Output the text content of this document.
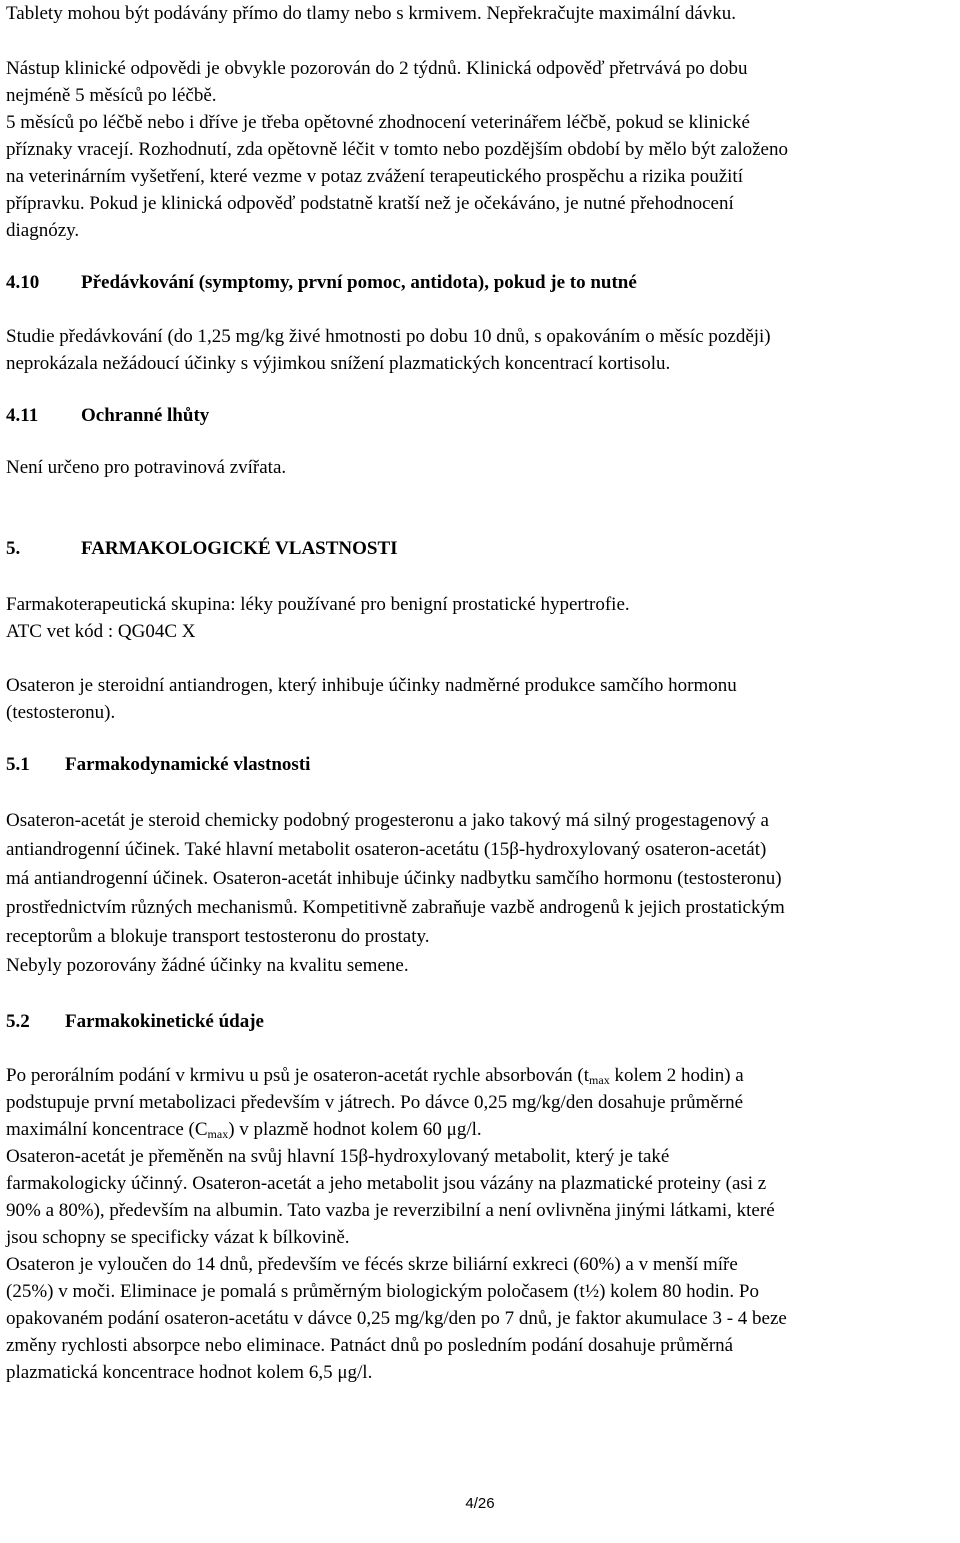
Tablety mohou být podávány přímo do tlamy nebo s krmivem. Nepřekračujte maximální dávku.

Nástup klinické odpovědi je obvykle pozorován do 2 týdnů. Klinická odpověď přetrvává po dobu

nejméně 5 měsíců po léčbě.

5 měsíců po léčbě nebo i dříve je třeba opětovné zhodnocení veterinářem léčbě, pokud se klinické

příznaky vracejí. Rozhodnutí, zda opětovně léčit v tomto nebo pozdějším období by mělo být založeno

na veterinárním vyšetření, které vezme v potaz zvážení terapeutického prospěchu a rizika použití

přípravku. Pokud je klinická odpověď podstatně kratší než je očekáváno, je nutné přehodnocení

diagnózy.

4.10 Předávkování (symptomy, první pomoc, antidota), pokud je to nutné

Studie předávkování (do 1,25 mg/kg živé hmotnosti po dobu 10 dnů, s opakováním o měsíc později)

neprokázala nežádoucí účinky s výjimkou snížení plazmatických koncentrací kortisolu.

4.11 Ochranné lhůty

Není určeno pro potravinová zvířata.

5.	FARMAKOLOGICKÉ VLASTNOSTI

Farmakoterapeutická skupina: léky používané pro benigní prostatické hypertrofie.

ATC vet kód : QG04C X

Osateron je steroidní antiandrogen, který inhibuje účinky nadměrné produkce samčího hormonu

(testosteronu).

5.1 Farmakodynamické vlastnosti

Osateron-acetát je steroid chemicky podobný progesteronu a jako takový má silný progestagenový a

antiandrogenní účinek. Také hlavní metabolit osateron-acetátu (15β-hydroxylovaný osateron-acetát)

má antiandrogenní účinek. Osateron-acetát inhibuje účinky nadbytku samčího hormonu (testosteronu)

prostřednictvím různých mechanismů. Kompetitivně zabraňuje vazbě androgenů k jejich prostatickým

receptorům a blokuje transport testosteronu do prostaty.

Nebyly pozorovány žádné účinky na kvalitu semene.

5.2 Farmakokinetické údaje

Po perorálním podání v krmivu u psů je osateron-acetát rychle absorbován ($t_{max}$ kolem 2 hodin) a

podstupuje první metabolizaci především v játrech. Po dávce 0,25 mg/kg/den dosahuje průměrné

maximální koncentrace $(C_{max})$ v plazmě hodnot kolem 60 μg/l.

Osateron-acetát je přeměněn na svůj hlavní 15β-hydroxylovaný metabolit, který je také

farmakologicky účinný. Osateron-acetát a jeho metabolit jsou vázány na plazmatické proteiny (asi z

90% a 80%), především na albumin. Tato vazba je reverzibilní a není ovlivněna jinými látkami, které

jsou schopny se specificky vázat k bílkovině.

Osateron je vyloučen do 14 dnů, především ve fécés skrze biliární exkreci (60%) a v menší míře

(25%) v moči. Eliminace je pomalá s průměrným biologickým poločasem (t½) kolem 80 hodin. Po

opakovaném podání osateron-acetátu v dávce 0,25 mg/kg/den po 7 dnů, je faktor akumulace 3 - 4 beze

změny rychlosti absorpce nebo eliminace. Patnáct dnů po posledním podání dosahuje průměrná

plazmatická koncentrace hodnot kolem 6,5 μg/l.

4/26
